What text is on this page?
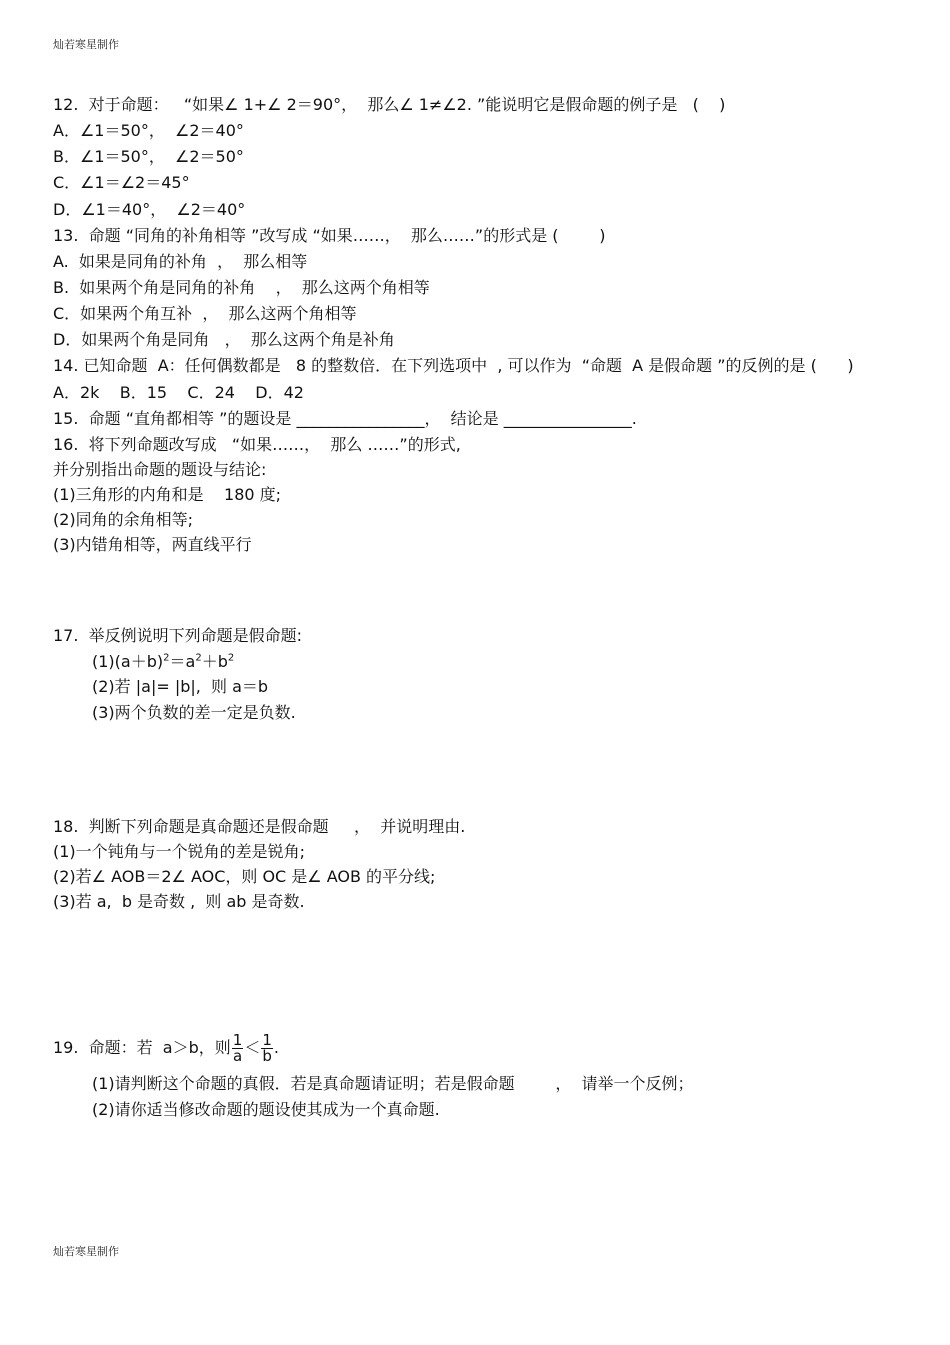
灿若寒星制作
12.  对于命题：   “如果∠ 1+∠ 2＝90°，  那么∠ 1≠∠2. ”能说明它是假命题的例子是   (    )
A．∠1＝50°，  ∠2＝40°
B．∠1＝50°，  ∠2＝50°
C．∠1＝∠2＝45°
D．∠1＝40°，  ∠2＝40°
13.  命题 “同角的补角相等 ”改写成 “如果……，  那么……”的形式是 (        )
A.  如果是同角的补角  ，  那么相等
B.  如果两个角是同角的补角    ，  那么这两个角相等
C．如果两个角互补  ，  那么这两个角相等
D．如果两个角是同角   ，  那么这两个角是补角
14. 已知命题  A：任何偶数都是   8 的整数倍．在下列选项中  , 可以作为  “命题  A 是假命题 ”的反例的是 (      )
A．2k    B．15    C．24    D．42
15.  命题 “直角都相等 ”的题设是 ________________，  结论是 ________________.
16.  将下列命题改写成   “如果……，  那么 ……”的形式,
并分别指出命题的题设与结论:
(1)三角形的内角和是    180 度;
(2)同角的余角相等;
(3)内错角相等，两直线平行
17.  举反例说明下列命题是假命题:
$(1)(a+b)^2=a^2+b^2$
(2)若 |a|= |b|,  则 a＝b
(3)两个负数的差一定是负数.
18.  判断下列命题是真命题还是假命题     ，  并说明理由.
(1)一个钝角与一个锐角的差是锐角;
(2)若∠ AOB＝2∠ AOC，则 OC 是∠ AOB 的平分线;
(3)若 a,  b 是奇数 ,  则 ab 是奇数.
19.  命题：若  a＞b，则 $\frac{1}{a} < \frac{1}{b}$ .
(1)请判断这个命题的真假．若是真命题请证明；若是假命题        ，  请举一个反例；
(2)请你适当修改命题的题设使其成为一个真命题.
灿若寒星制作
